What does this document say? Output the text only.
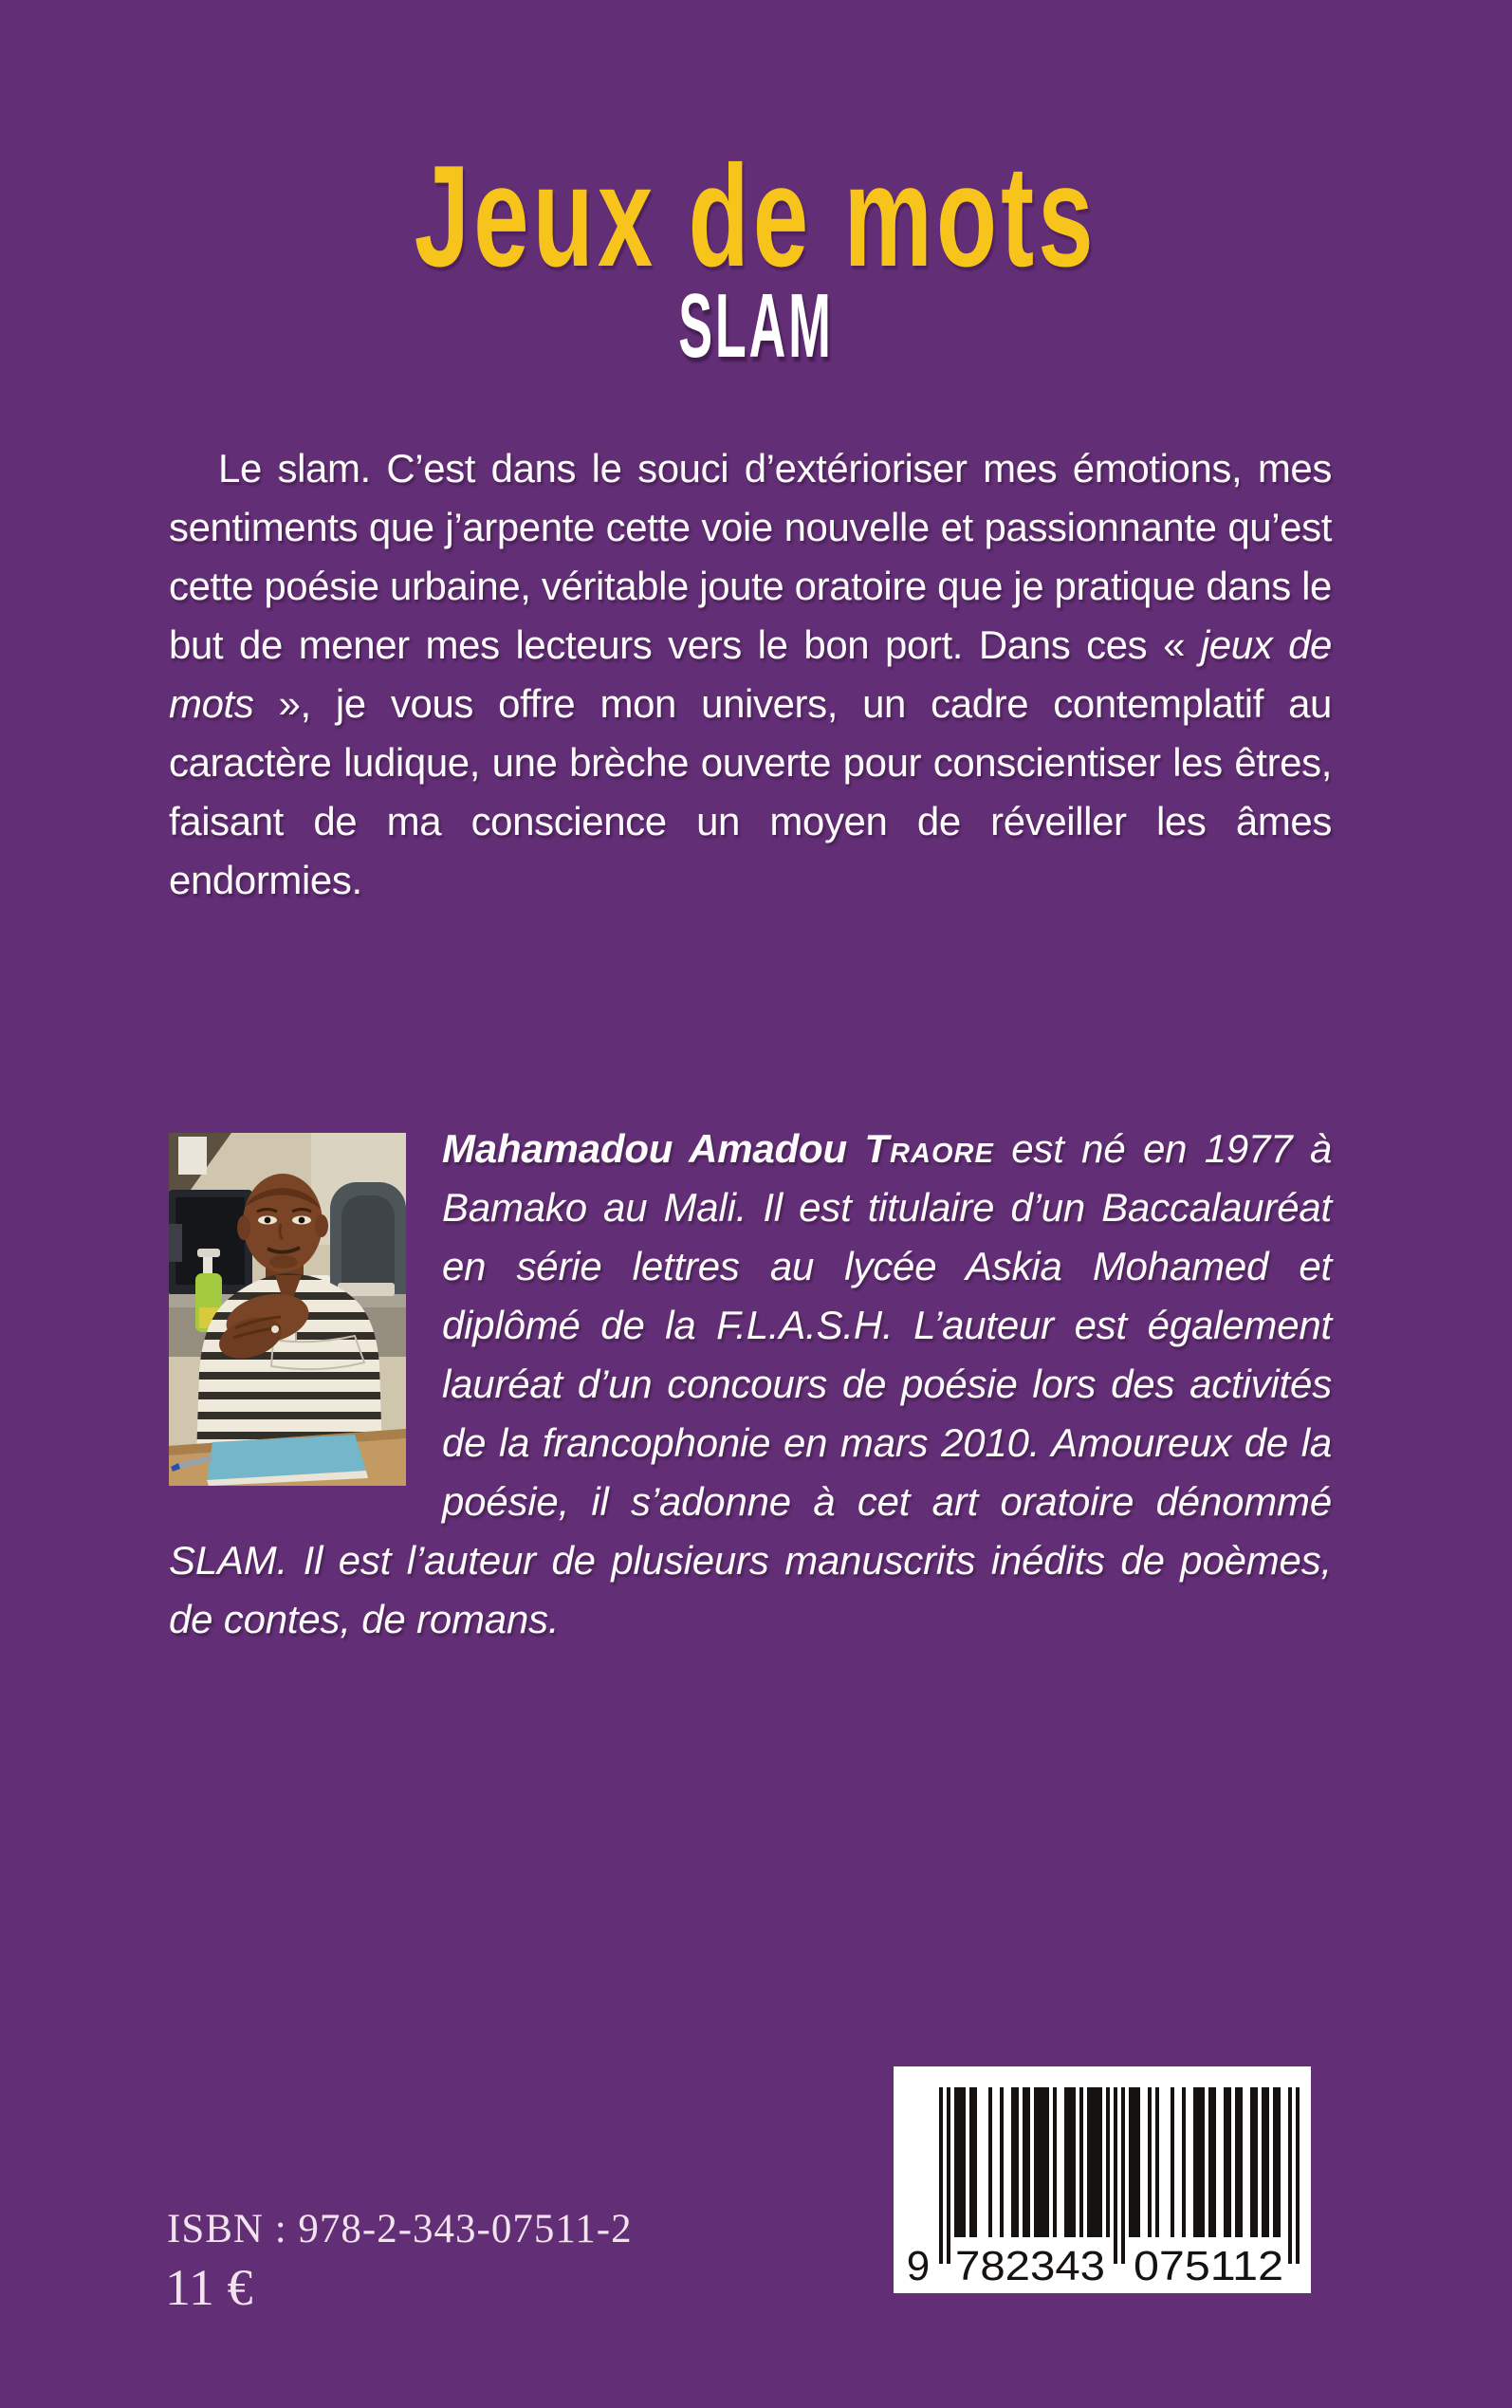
Jeux de mots
SLAM

Le slam. C’est dans le souci d’extérioriser mes émotions, mes sentiments que j’arpente cette voie nouvelle et passionnante qu’est cette poésie urbaine, véritable joute oratoire que je pratique dans le but de mener mes lecteurs vers le bon port. Dans ces « jeux de mots », je vous offre mon univers, un cadre contemplatif au caractère ludique, une brèche ouverte pour conscientiser les êtres, faisant de ma conscience un moyen de réveiller les âmes endormies.

Mahamadou Amadou Traore est né en 1977 à Bamako au Mali. Il est titulaire d’un Baccalauréat en série lettres au lycée Askia Mohamed et diplômé de la F.L.A.S.H. L’auteur est également lauréat d’un concours de poésie lors des activités de la francophonie en mars 2010. Amoureux de la poésie, il s’adonne à cet art oratoire dénommé SLAM. Il est l’auteur de plusieurs manuscrits inédits de poèmes, de contes, de romans.

ISBN : 978-2-343-07511-2

11 €	9 782343 075112
